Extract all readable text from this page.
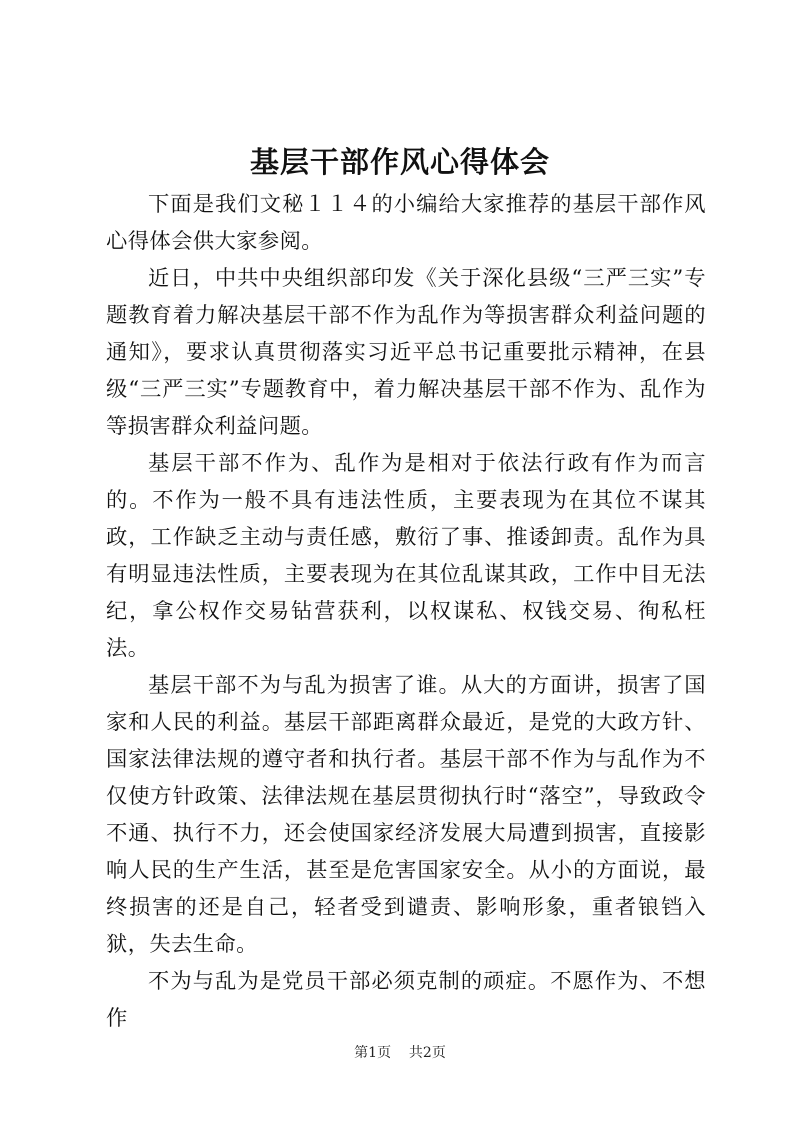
基层干部作风心得体会

下面是我们文秘１１４的小编给大家推荐的基层干部作风心得体会供大家参阅。

近日，中共中央组织部印发《关于深化县级“三严三实”专题教育着力解决基层干部不作为乱作为等损害群众利益问题的通知》，要求认真贯彻落实习近平总书记重要批示精神，在县级“三严三实”专题教育中，着力解决基层干部不作为、乱作为等损害群众利益问题。

基层干部不作为、乱作为是相对于依法行政有作为而言的。不作为一般不具有违法性质，主要表现为在其位不谋其政，工作缺乏主动与责任感，敷衍了事、推诿卸责。乱作为具有明显违法性质，主要表现为在其位乱谋其政，工作中目无法纪，拿公权作交易钻营获利，以权谋私、权钱交易、徇私枉法。

基层干部不为与乱为损害了谁。从大的方面讲，损害了国家和人民的利益。基层干部距离群众最近，是党的大政方针、国家法律法规的遵守者和执行者。基层干部不作为与乱作为不仅使方针政策、法律法规在基层贯彻执行时“落空”，导致政令不通、执行不力，还会使国家经济发展大局遭到损害，直接影响人民的生产生活，甚至是危害国家安全。从小的方面说，最终损害的还是自己，轻者受到谴责、影响形象，重者锒铛入狱，失去生命。

不为与乱为是党员干部必须克制的顽症。不愿作为、不想作

第1页 共2页
